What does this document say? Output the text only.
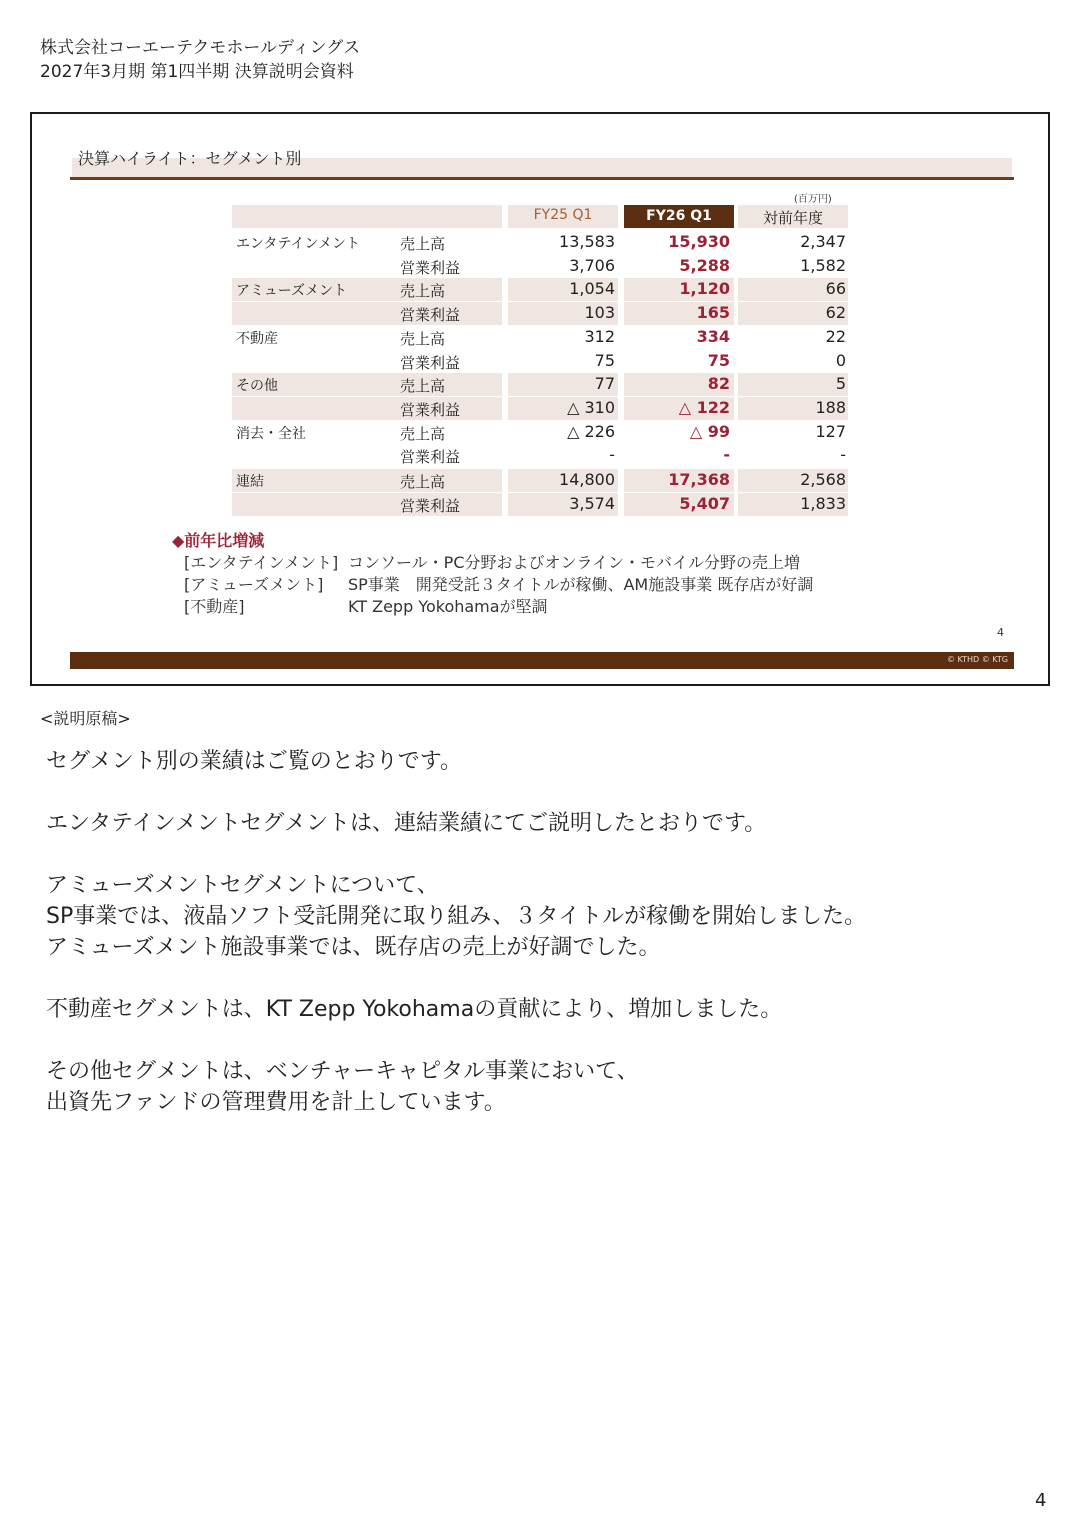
株式会社コーエーテクモホールディングス
2027年3月期 第1四半期 決算説明会資料
決算ハイライト：セグメント別
(百万円)
FY25 Q1	FY26 Q1	対前年度
エンタテインメント	売上高	13,583	15,930	2,347
営業利益	3,706	5,288	1,582
アミューズメント	売上高	1,054	1,120	66
営業利益	103	165	62
不動産	売上高	312	334	22
営業利益	75	75	0
その他	売上高	77	82	5
営業利益	△ 310	△ 122	188
消去・全社	売上高	△ 226	△ 99	127
営業利益	-	-	-
連結	売上高	14,800	17,368	2,568
営業利益	3,574	5,407	1,833
◆前年比増減
[エンタテインメント] コンソール・PC分野およびオンライン・モバイル分野の売上増
[アミューズメント] SP事業　開発受託３タイトルが稼働、AM施設事業 既存店が好調
[不動産]	KT Zepp Yokohamaが堅調
4
© KTHD © KTG
<説明原稿>

セグメント別の業績はご覧のとおりです。

エンタテインメントセグメントは、連結業績にてご説明したとおりです。

アミューズメントセグメントについて、
SP事業では、液晶ソフト受託開発に取り組み、３タイトルが稼働を開始しました。
アミューズメント施設事業では、既存店の売上が好調でした。

不動産セグメントは、KT Zepp Yokohamaの貢献により、増加しました。

その他セグメントは、ベンチャーキャピタル事業において、
出資先ファンドの管理費用を計上しています。

4
